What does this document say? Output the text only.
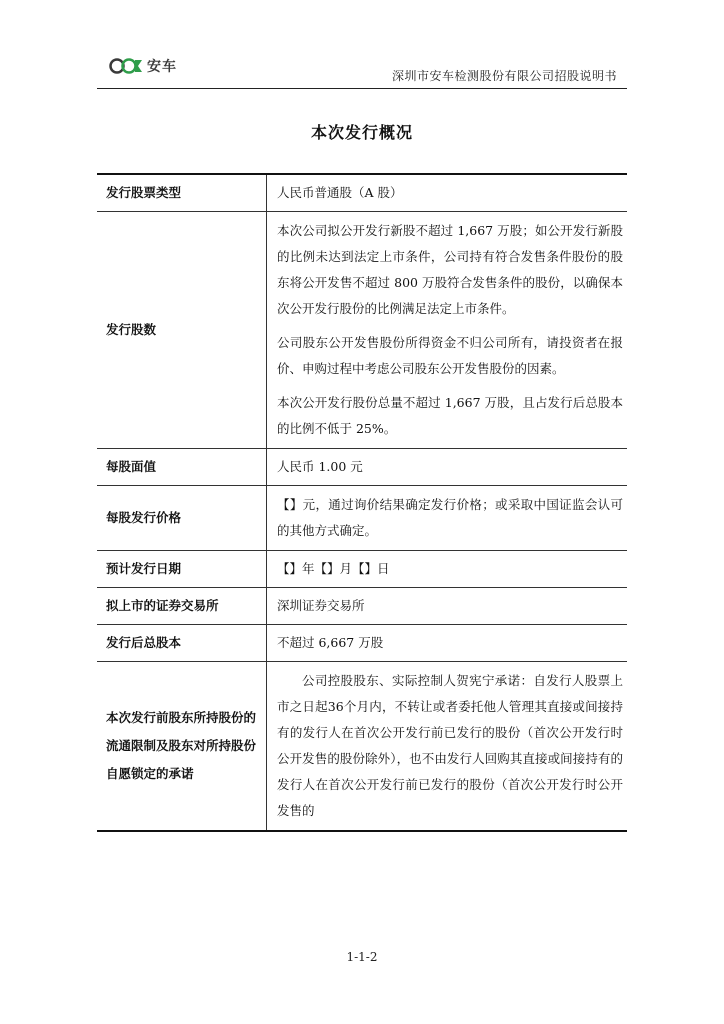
安车
深圳市安车检测股份有限公司招股说明书
本次发行概况
发行股票类型	人民币普通股（A 股）

发行股数	本次公司拟公开发行新股不超过 1,667 万股；如公开发行新股的比例未达到法定上市条件，公司持有符合发售条件股份的股东将公开发售不超过 800 万股符合发售条件的股份，以确保本次公开发行股份的比例满足法定上市条件。

公司股东公开发售股份所得资金不归公司所有，请投资者在报价、申购过程中考虑公司股东公开发售股份的因素。

本次公开发行股份总量不超过 1,667 万股，且占发行后总股本的比例不低于 25%。

每股面值	人民币 1.00 元

每股发行价格	【】元，通过询价结果确定发行价格；或采取中国证监会认可的其他方式确定。

预计发行日期	【】年【】月【】日

拟上市的证券交易所	深圳证券交易所

发行后总股本	不超过 6,667 万股

本次发行前股东所持股份的流通限制及股东对所持股份自愿锁定的承诺	公司控股股东、实际控制人贺宪宁承诺：自发行人股票上市之日起36个月内，不转让或者委托他人管理其直接或间接持有的发行人在首次公开发行前已发行的股份（首次公开发行时公开发售的股份除外），也不由发行人回购其直接或间接持有的发行人在首次公开发行前已发行的股份（首次公开发行时公开发售的

1-1-2
